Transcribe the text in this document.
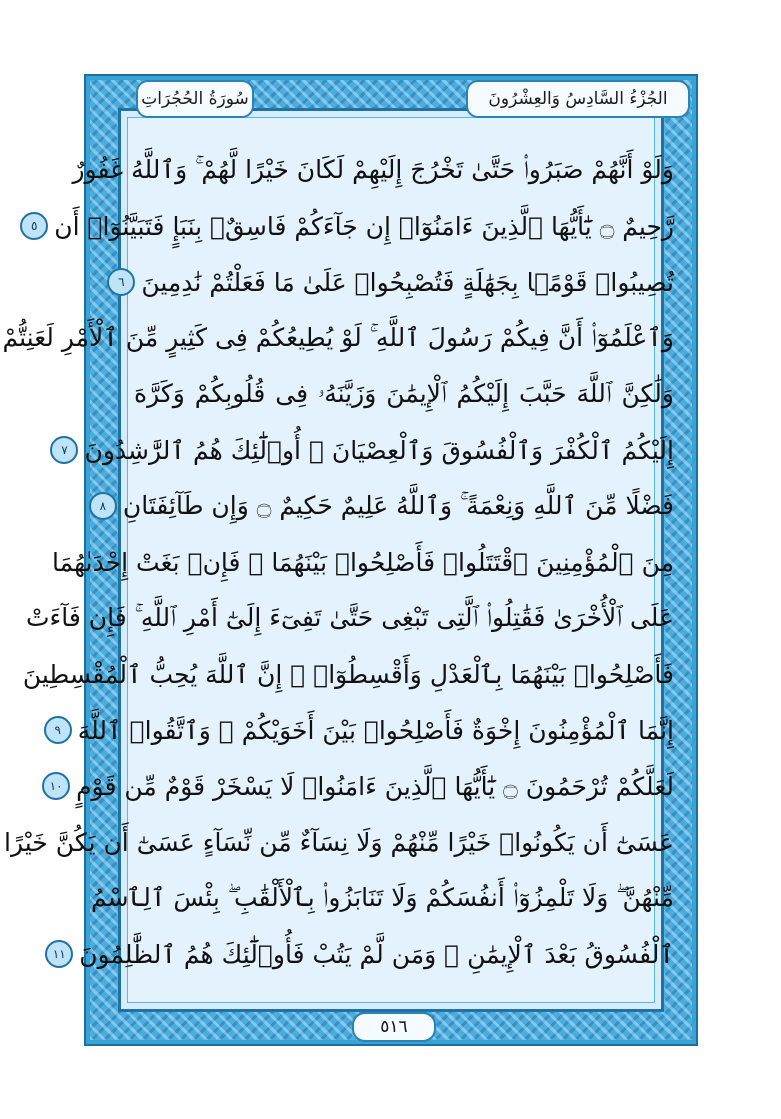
الجُزْءُ السَّادِسُ وَالعِشْرُونَ
سُورَةُ الحُجُرَاتِ
وَلَوْ أَنَّهُمْ صَبَرُوا۟ حَتَّىٰ تَخْرُجَ إِلَيْهِمْ لَكَانَ خَيْرًا لَّهُمْ ۚ وَٱللَّهُ غَفُورٌ
رَّحِيمٌ ۝ يَٰٓأَيُّهَا ٱلَّذِينَ ءَامَنُوٓا۟ إِن جَآءَكُمْ فَاسِقٌۢ بِنَبَإٍ فَتَبَيَّنُوٓا۟ أَن
٥
تُصِيبُوا۟ قَوْمًۢا بِجَهَٰلَةٍ فَتُصْبِحُوا۟ عَلَىٰ مَا فَعَلْتُمْ نَٰدِمِينَ
٦
وَٱعْلَمُوٓا۟ أَنَّ فِيكُمْ رَسُولَ ٱللَّهِ ۚ لَوْ يُطِيعُكُمْ فِى كَثِيرٍ مِّنَ ٱلْأَمْرِ لَعَنِتُّمْ
وَلَٰكِنَّ ٱللَّهَ حَبَّبَ إِلَيْكُمُ ٱلْإِيمَٰنَ وَزَيَّنَهُۥ فِى قُلُوبِكُمْ وَكَرَّهَ
إِلَيْكُمُ ٱلْكُفْرَ وَٱلْفُسُوقَ وَٱلْعِصْيَانَ ۚ أُو۟لَٰٓئِكَ هُمُ ٱلرَّٰشِدُونَ
٧
فَضْلًا مِّنَ ٱللَّهِ وَنِعْمَةً ۚ وَٱللَّهُ عَلِيمٌ حَكِيمٌ ۝ وَإِن طَآئِفَتَانِ
٨
مِنَ ٱلْمُؤْمِنِينَ ٱقْتَتَلُوا۟ فَأَصْلِحُوا۟ بَيْنَهُمَا ۖ فَإِنۢ بَغَتْ إِحْدَىٰهُمَا
عَلَى ٱلْأُخْرَىٰ فَقَٰتِلُوا۟ ٱلَّتِى تَبْغِى حَتَّىٰ تَفِىٓءَ إِلَىٰٓ أَمْرِ ٱللَّهِ ۚ فَإِن فَآءَتْ
فَأَصْلِحُوا۟ بَيْنَهُمَا بِٱلْعَدْلِ وَأَقْسِطُوٓا۟ ۖ إِنَّ ٱللَّهَ يُحِبُّ ٱلْمُقْسِطِينَ
إِنَّمَا ٱلْمُؤْمِنُونَ إِخْوَةٌ فَأَصْلِحُوا۟ بَيْنَ أَخَوَيْكُمْ ۚ وَٱتَّقُوا۟ ٱللَّهَ
٩
لَعَلَّكُمْ تُرْحَمُونَ ۝ يَٰٓأَيُّهَا ٱلَّذِينَ ءَامَنُوا۟ لَا يَسْخَرْ قَوْمٌ مِّن قَوْمٍ
١٠
عَسَىٰٓ أَن يَكُونُوا۟ خَيْرًا مِّنْهُمْ وَلَا نِسَآءٌ مِّن نِّسَآءٍ عَسَىٰٓ أَن يَكُنَّ خَيْرًا
مِّنْهُنَّ ۖ وَلَا تَلْمِزُوٓا۟ أَنفُسَكُمْ وَلَا تَنَابَزُوا۟ بِٱلْأَلْقَٰبِ ۖ بِئْسَ ٱلِٱسْمُ
ٱلْفُسُوقُ بَعْدَ ٱلْإِيمَٰنِ ۚ وَمَن لَّمْ يَتُبْ فَأُو۟لَٰٓئِكَ هُمُ ٱلظَّٰلِمُونَ
١١
٥١٦
